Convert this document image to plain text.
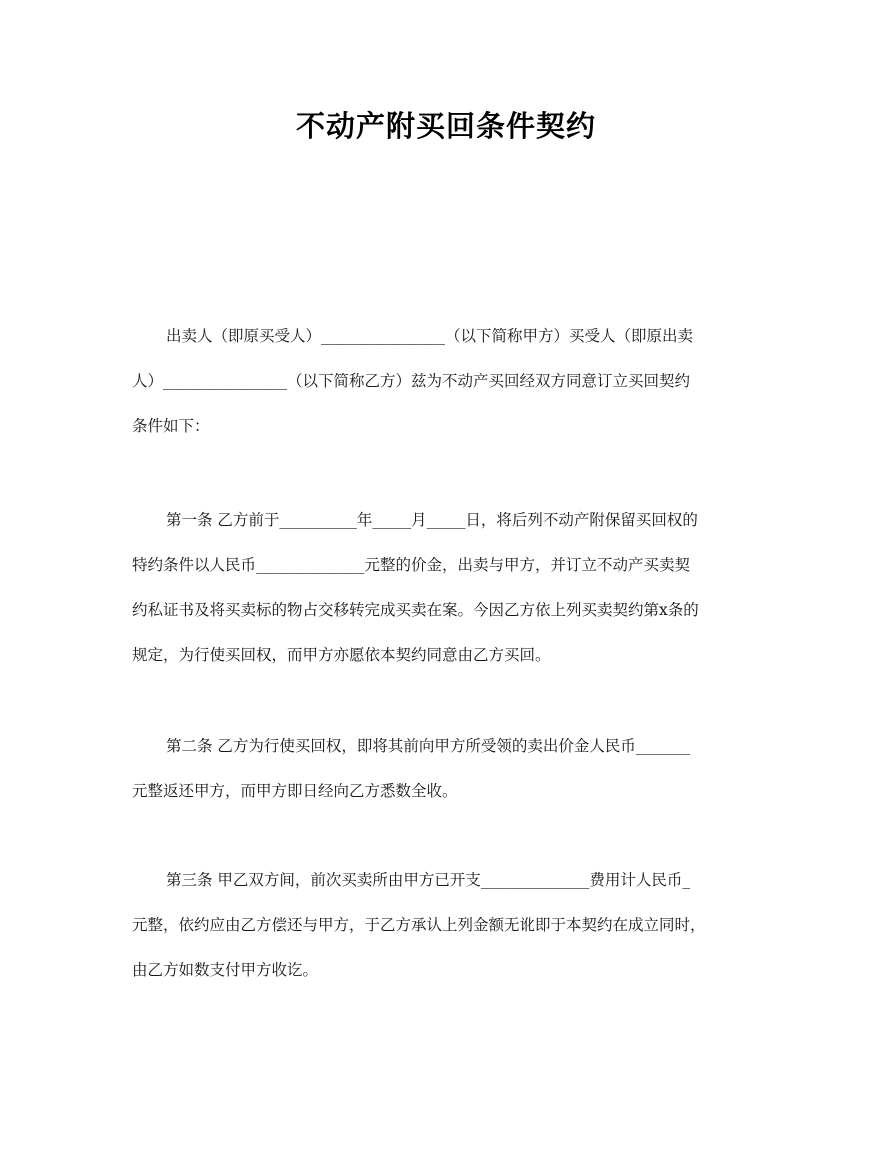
不动产附买回条件契约

出卖人（即原买受人）________________（以下简称甲方）买受人（即原出卖

人）________________（以下简称乙方）兹为不动产买回经双方同意订立买回契约

条件如下：

第一条 乙方前于__________年_____月_____日，将后列不动产附保留买回权的

特约条件以人民币______________元整的价金，出卖与甲方，并订立不动产买卖契

约私证书及将买卖标的物占交移转完成买卖在案。今因乙方依上列买卖契约第x条的

规定，为行使买回权，而甲方亦愿依本契约同意由乙方买回。

第二条 乙方为行使买回权，即将其前向甲方所受领的卖出价金人民币_______

元整返还甲方，而甲方即日经向乙方悉数全收。

第三条 甲乙双方间，前次买卖所由甲方已开支______________费用计人民币_

元整，依约应由乙方偿还与甲方，于乙方承认上列金额无讹即于本契约在成立同时，

由乙方如数支付甲方收讫。
